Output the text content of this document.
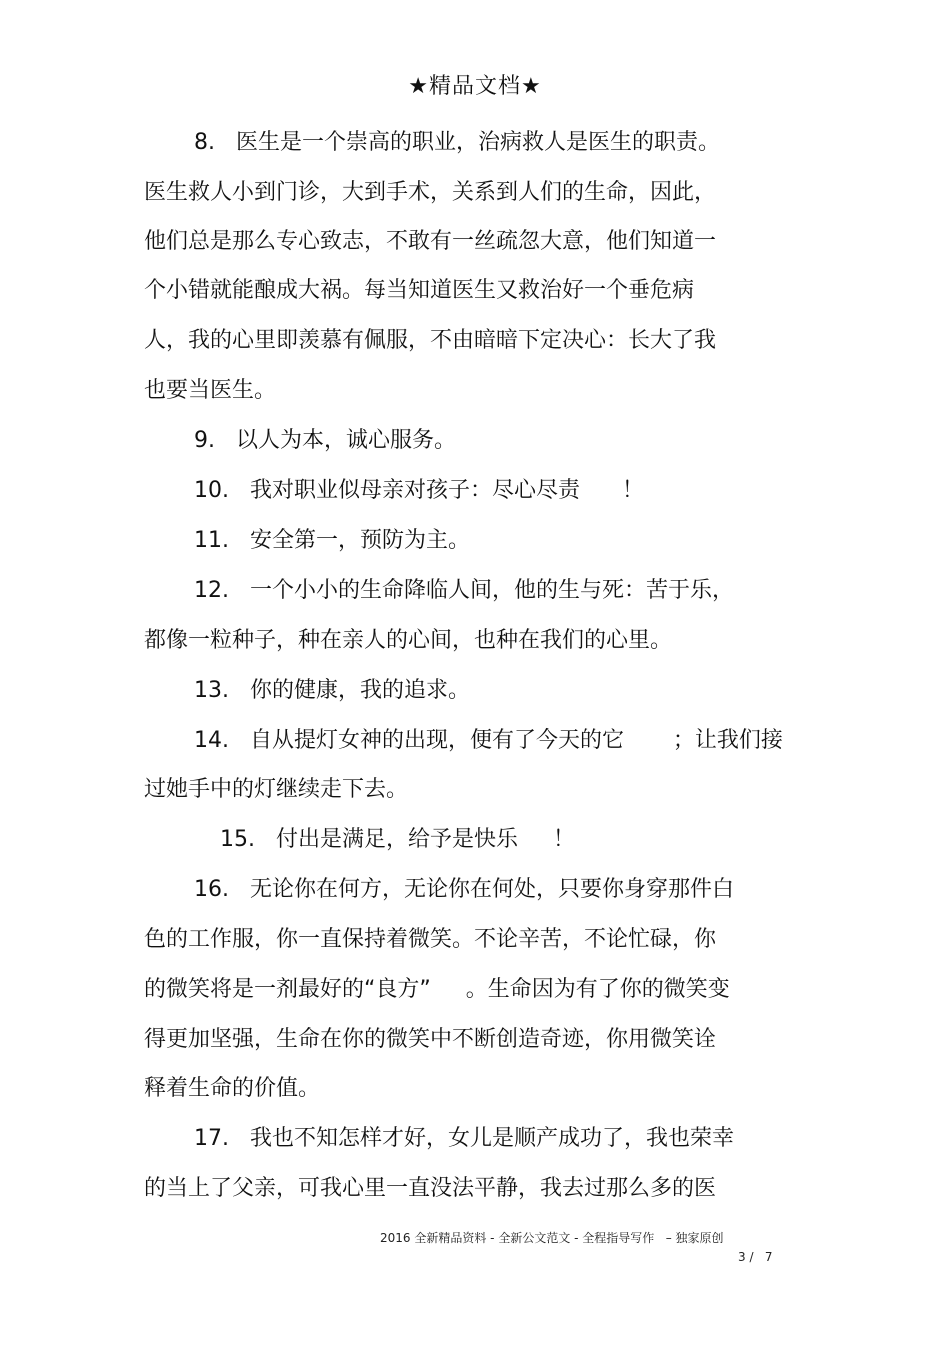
★精品文档★
8.   医生是一个崇高的职业，治病救人是医生的职责。
医生救人小到门诊，大到手术，关系到人们的生命，因此，
他们总是那么专心致志，不敢有一丝疏忽大意，他们知道一
个小错就能酿成大祸。每当知道医生又救治好一个垂危病
人，我的心里即羡慕有佩服，不由暗暗下定决心：长大了我
也要当医生。
9.   以人为本，诚心服务。
10.   我对职业似母亲对孩子：尽心尽责      ！
11.   安全第一，预防为主。
12.   一个小小的生命降临人间，他的生与死：苦于乐，
都像一粒种子，种在亲人的心间，也种在我们的心里。
13.   你的健康，我的追求。
14.   自从提灯女神的出现，便有了今天的它       ；让我们接
过她手中的灯继续走下去。
15.   付出是满足，给予是快乐     ！
16.   无论你在何方，无论你在何处，只要你身穿那件白
色的工作服，你一直保持着微笑。不论辛苦，不论忙碌，你
的微笑将是一剂最好的“良方”     。生命因为有了你的微笑变
得更加坚强，生命在你的微笑中不断创造奇迹，你用微笑诠
释着生命的价值。
17.   我也不知怎样才好，女儿是顺产成功了，我也荣幸
的当上了父亲，可我心里一直没法平静，我去过那么多的医
2016 全新精品资料 - 全新公文范文 - 全程指导写作   – 独家原创
3 /   7
